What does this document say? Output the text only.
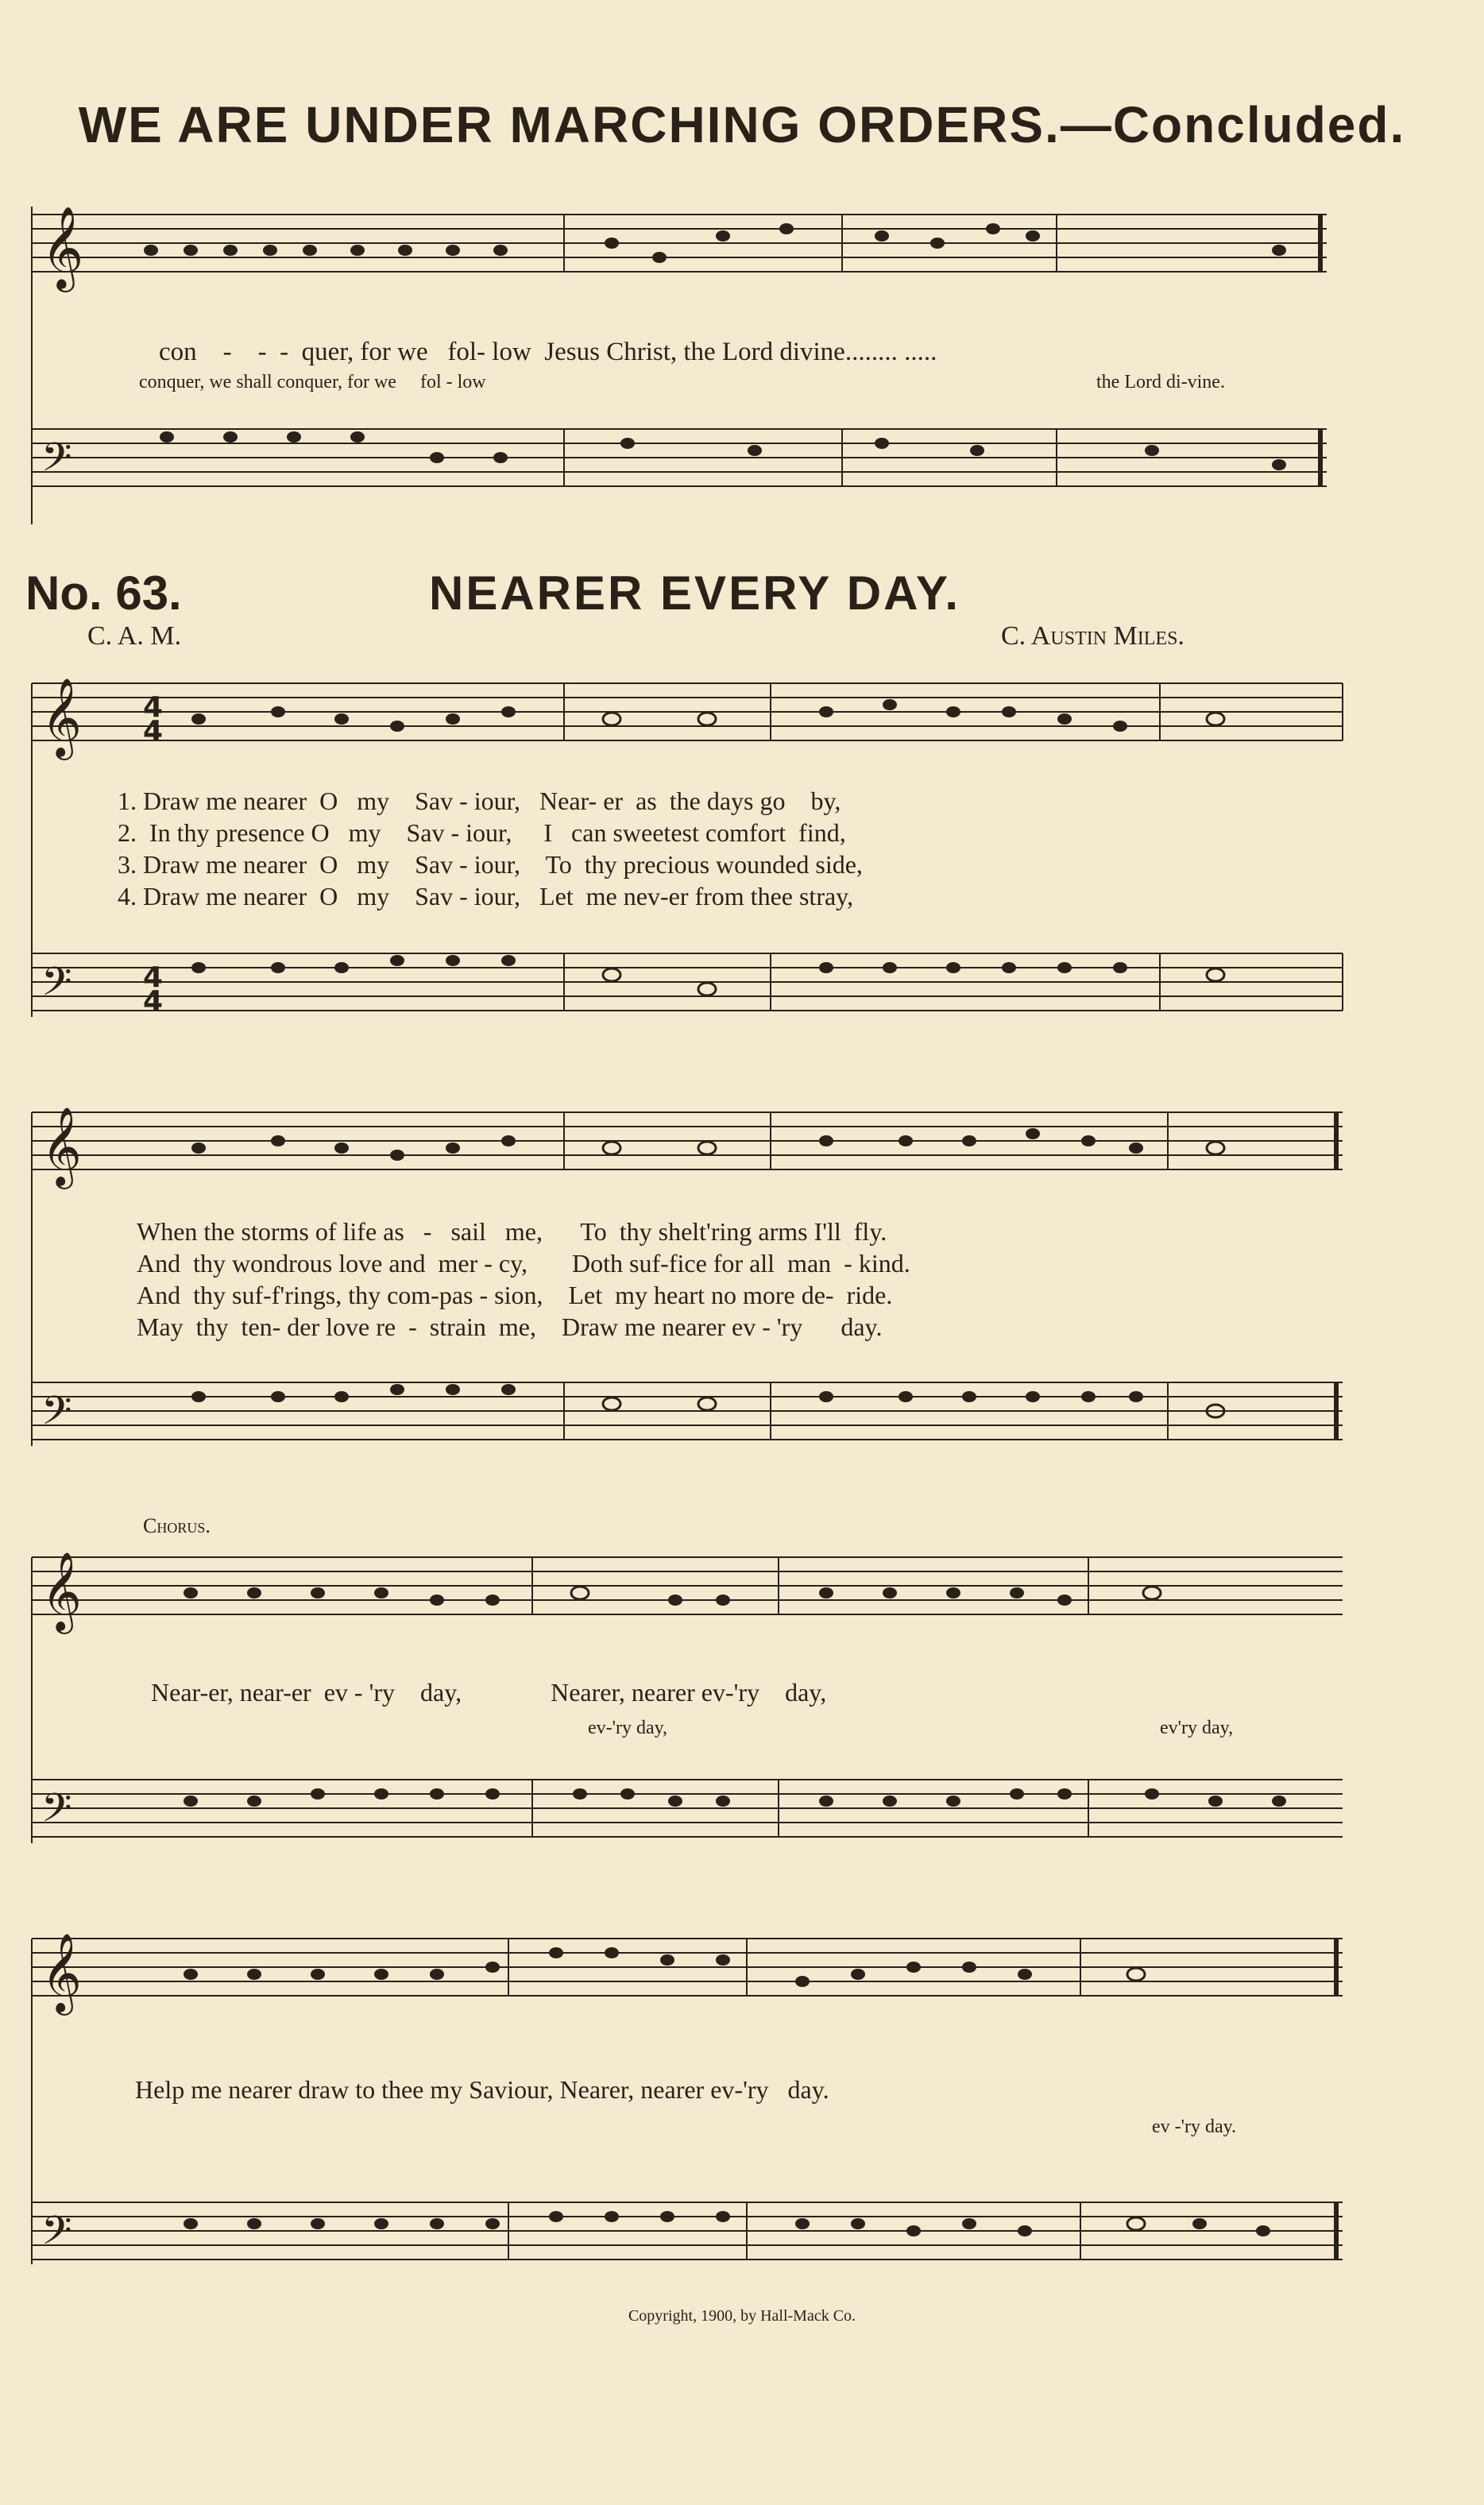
WE ARE UNDER MARCHING ORDERS.—Concluded.
𝄞
𝄢
con    -    -  -  quer, for we   fol- low  Jesus Christ, the Lord divine........ .....
conquer, we shall conquer, for we     fol - low	the Lord di-vine.
No. 63.	NEARER EVERY DAY.
C. A. M.	C. Austin Miles.
𝄞
𝄢
4
4
4
4
1. Draw me nearer  O   my    Sav - iour,   Near- er  as  the days go    by,
2.  In thy presence O   my    Sav - iour,     I   can sweetest comfort  find,
3. Draw me nearer  O   my    Sav - iour,    To  thy precious wounded side,
4. Draw me nearer  O   my    Sav - iour,   Let  me nev-er from thee stray,
𝄞
𝄢
When the storms of life as   -   sail   me,      To  thy shelt'ring arms I'll  fly.
And  thy wondrous love and  mer - cy,       Doth suf-fice for all  man  - kind.
And  thy suf-f'rings, thy com-pas - sion,    Let  my heart no more de-  ride.
May  thy  ten- der love re  -  strain  me,    Draw me nearer ev - 'ry      day.
Chorus.
𝄞
𝄢
Near-er, near-er  ev - 'ry    day,              Nearer, nearer ev-'ry    day,
ev-'ry day,	ev'ry day,
𝄞
𝄢
Help me nearer draw to thee my Saviour, Nearer, nearer ev-'ry   day.
ev -'ry day.
Copyright, 1900, by Hall-Mack Co.
